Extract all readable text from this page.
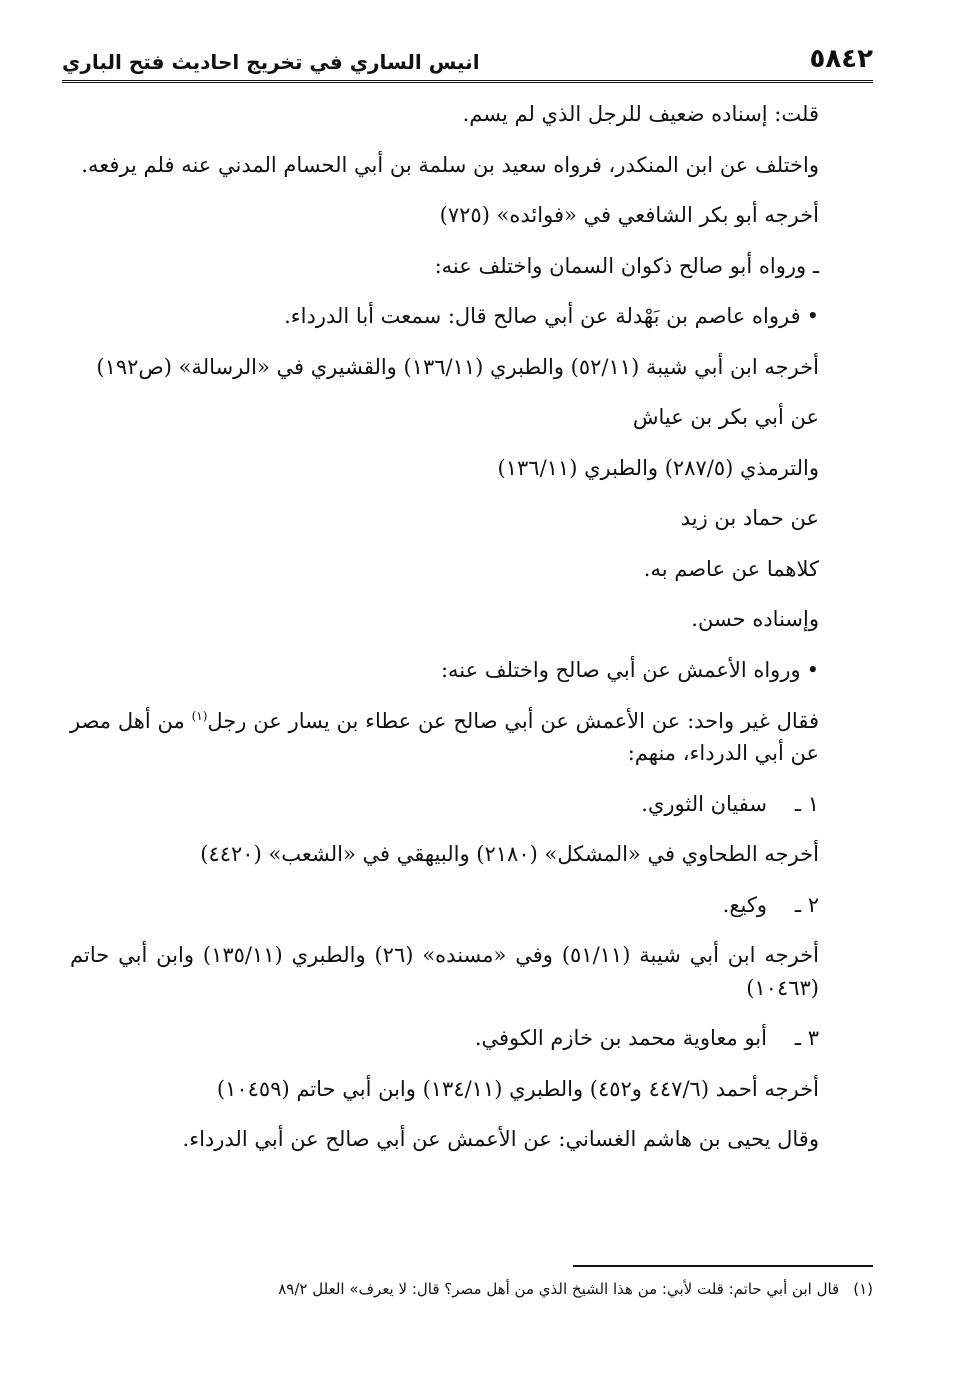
٥٨٤٢
انيس الساري في تخريج احاديث فتح الباري

قلت: إسناده ضعيف للرجل الذي لم يسم.

واختلف عن ابن المنكدر، فرواه سعيد بن سلمة بن أبي الحسام المدني عنه فلم يرفعه.

أخرجه أبو بكر الشافعي في «فوائده» (٧٢٥)

ـ ورواه أبو صالح ذكوان السمان واختلف عنه:

•فرواه عاصم بن بَهْدلة عن أبي صالح قال: سمعت أبا الدرداء.

أخرجه ابن أبي شيبة (٥٢/١١) والطبري (١٣٦/١١) والقشيري في «الرسالة» (ص١٩٢)

عن أبي بكر بن عياش

والترمذي (٢٨٧/٥) والطبري (١٣٦/١١)

عن حماد بن زيد

كلاهما عن عاصم به.

وإسناده حسن.

•ورواه الأعمش عن أبي صالح واختلف عنه:

فقال غير واحد: عن الأعمش عن أبي صالح عن عطاء بن يسار عن رجل$^{(١)}$ من أهل مصر عن أبي الدرداء، منهم:

١ ـ
سفيان الثوري.

أخرجه الطحاوي في «المشكل» (٢١٨٠) والبيهقي في «الشعب» (٤٤٢٠)

٢ ـ
وكيع.

أخرجه ابن أبي شيبة (٥١/١١) وفي «مسنده» (٢٦) والطبري (١٣٥/١١) وابن أبي حاتم (١٠٤٦٣)

٣ ـ
أبو معاوية محمد بن خازم الكوفي.

أخرجه أحمد (٤٤٧/٦ و٤٥٢) والطبري (١٣٤/١١) وابن أبي حاتم (١٠٤٥٩)

وقال يحيى بن هاشم الغساني: عن الأعمش عن أبي صالح عن أبي الدرداء.

(١)قال ابن أبي حاتم: قلت لأبي: من هذا الشيخ الذي من أهل مصر؟ قال: لا يعرف» العلل ٨٩/٢
